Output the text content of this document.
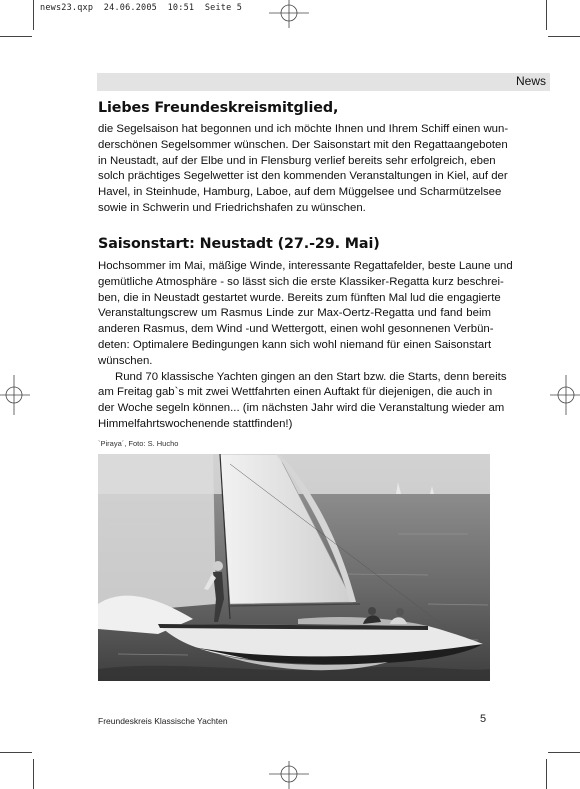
news23.qxp  24.06.2005  10:51  Seite 5
News
Liebes Freundeskreismitglied,
die Segelsaison hat begonnen und ich möchte Ihnen und Ihrem Schiff einen wun-
derschönen Segelsommer wünschen. Der Saisonstart mit den Regattaangeboten
in Neustadt, auf der Elbe und in Flensburg verlief bereits sehr erfolgreich, eben
solch prächtiges Segelwetter ist den kommenden Veranstaltungen in Kiel, auf der
Havel, in Steinhude, Hamburg, Laboe, auf dem Müggelsee und Scharmützelsee
sowie in Schwerin und Friedrichshafen zu wünschen.
Saisonstart: Neustadt (27.-29. Mai)
Hochsommer im Mai, mäßige Winde, interessante Regattafelder, beste Laune und
gemütliche Atmosphäre - so lässt sich die erste Klassiker-Regatta kurz beschrei-
ben, die in Neustadt gestartet wurde. Bereits zum fünften Mal lud die engagierte
Veranstaltungscrew um Rasmus Linde zur Max-Oertz-Regatta und fand beim
anderen Rasmus, dem Wind -und Wettergott, einen wohl gesonnenen Verbün-
deten: Optimalere Bedingungen kann sich wohl niemand für einen Saisonstart
wünschen.
Rund 70 klassische Yachten gingen an den Start bzw. die Starts, denn bereits
am Freitag gab`s mit zwei Wettfahrten einen Auftakt für diejenigen, die auch in
der Woche segeln können... (im nächsten Jahr wird die Veranstaltung wieder am
Himmelfahrtswochenende stattfinden!)
`Piraya´, Foto: S. Hucho
Freundeskreis Klassische Yachten	5
